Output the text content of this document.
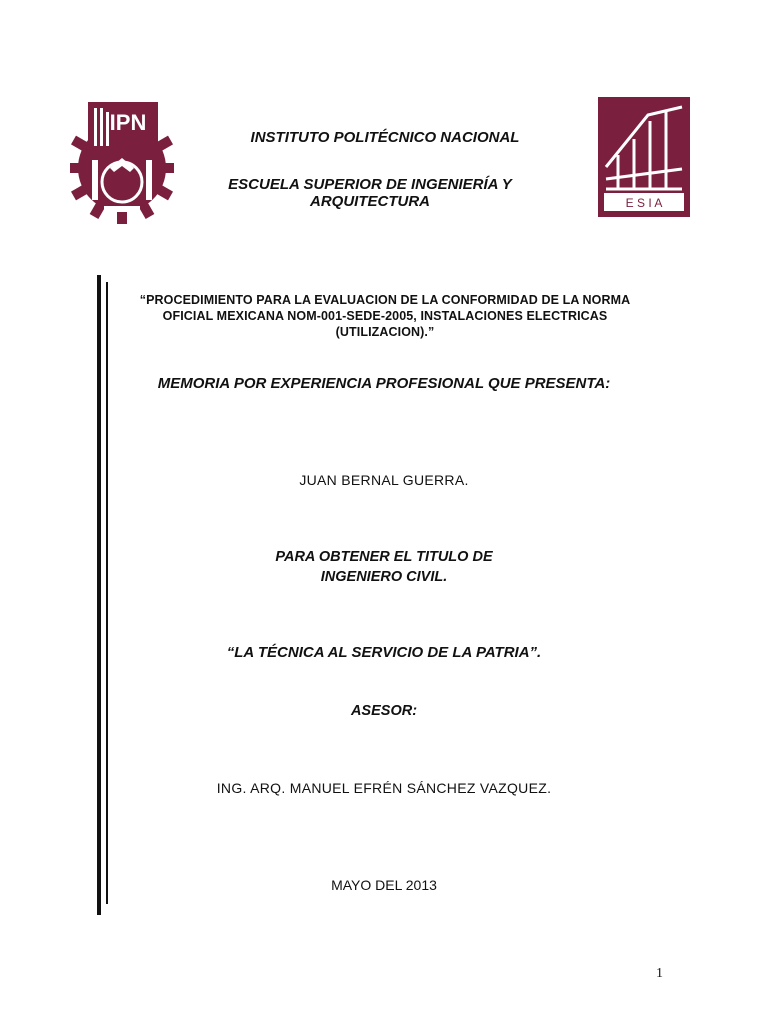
IPN
E S I A
INSTITUTO POLITÉCNICO NACIONAL
ESCUELA SUPERIOR DE INGENIERÍA Y ARQUITECTURA
“PROCEDIMIENTO PARA LA EVALUACION DE LA CONFORMIDAD DE LA NORMA
OFICIAL MEXICANA NOM-001-SEDE-2005, INSTALACIONES ELECTRICAS
(UTILIZACION).”
MEMORIA POR EXPERIENCIA PROFESIONAL QUE PRESENTA:
JUAN BERNAL GUERRA.
PARA OBTENER EL TITULO DE
INGENIERO CIVIL.
“LA TÉCNICA AL SERVICIO DE LA PATRIA”.
ASESOR:
ING. ARQ. MANUEL EFRÉN SÁNCHEZ VAZQUEZ.
MAYO DEL 2013
1
